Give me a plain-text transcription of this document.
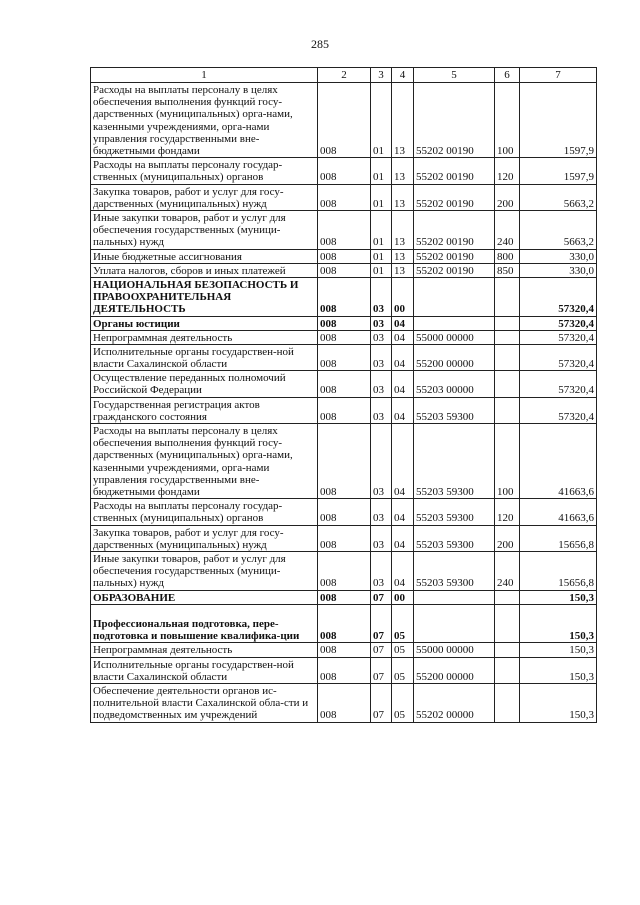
285
1	2	3	4	5	6	7
Расходы на выплаты персоналу в целях обеспечения выполнения функций госу-дарственных (муниципальных) орга-нами, казенными учреждениями, орга-нами управления государственными вне-бюджетными фондами	008	01	13	55202 00190	100	1597,9
Расходы на выплаты персоналу государ-ственных (муниципальных) органов	008	01	13	55202 00190	120	1597,9
Закупка товаров, работ и услуг для госу-дарственных (муниципальных) нужд	008	01	13	55202 00190	200	5663,2
Иные закупки товаров, работ и услуг для обеспечения государственных (муници-пальных) нужд	008	01	13	55202 00190	240	5663,2
Иные бюджетные ассигнования	008	01	13	55202 00190	800	330,0
Уплата налогов, сборов и иных платежей	008	01	13	55202 00190	850	330,0
НАЦИОНАЛЬНАЯ БЕЗОПАСНОСТЬ И ПРАВООХРАНИТЕЛЬНАЯ ДЕЯТЕЛЬНОСТЬ	008	03	00			57320,4
Органы юстиции	008	03	04			57320,4
Непрограммная деятельность	008	03	04	55000 00000		57320,4
Исполнительные органы государствен-ной власти Сахалинской области	008	03	04	55200 00000		57320,4
Осуществление переданных полномочий Российской Федерации	008	03	04	55203 00000		57320,4
Государственная регистрация актов гражданского состояния	008	03	04	55203 59300		57320,4
Расходы на выплаты персоналу в целях обеспечения выполнения функций госу-дарственных (муниципальных) орга-нами, казенными учреждениями, орга-нами управления государственными вне-бюджетными фондами	008	03	04	55203 59300	100	41663,6
Расходы на выплаты персоналу государ-ственных (муниципальных) органов	008	03	04	55203 59300	120	41663,6
Закупка товаров, работ и услуг для госу-дарственных (муниципальных) нужд	008	03	04	55203 59300	200	15656,8
Иные закупки товаров, работ и услуг для обеспечения государственных (муници-пальных) нужд	008	03	04	55203 59300	240	15656,8
ОБРАЗОВАНИЕ	008	07	00			150,3
Профессиональная подготовка, пере-подготовка и повышение квалифика-ции	008	07	05			150,3
Непрограммная деятельность	008	07	05	55000 00000		150,3
Исполнительные органы государствен-ной власти Сахалинской области	008	07	05	55200 00000		150,3
Обеспечение деятельности органов ис-полнительной власти Сахалинской обла-сти и подведомственных им учреждений	008	07	05	55202 00000		150,3
